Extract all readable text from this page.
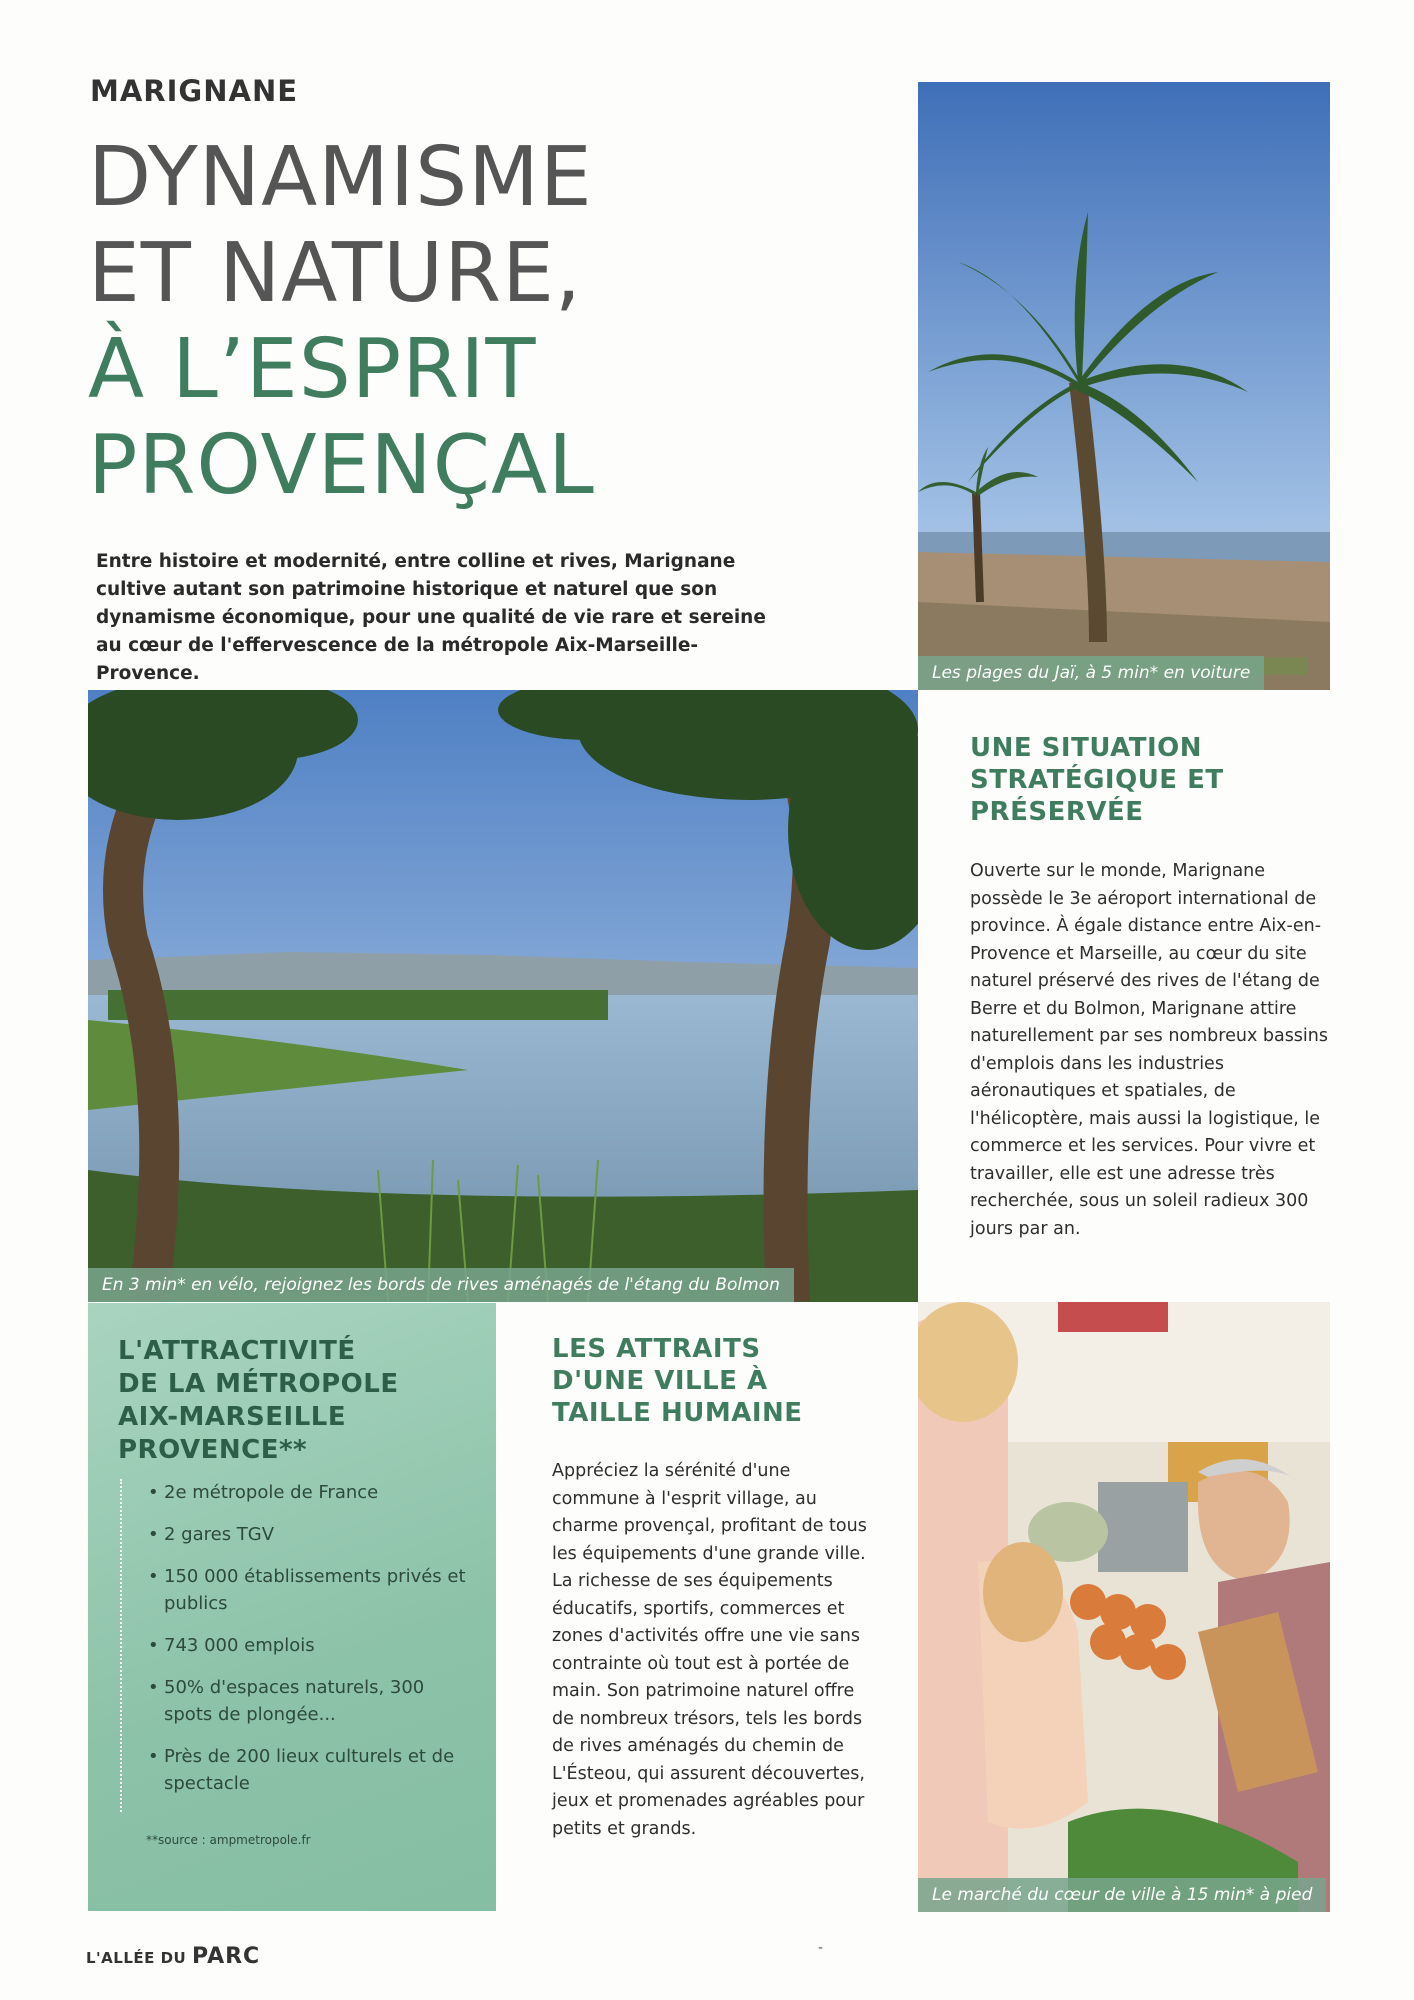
MARIGNANE
DYNAMISME
ET NATURE,
À L’ESPRIT
PROVENÇAL

Entre histoire et modernité, entre colline et rives, Marignane cultive autant son patrimoine historique et naturel que son dynamisme économique, pour une qualité de vie rare et sereine au cœur de l'effervescence de la métropole Aix-Marseille-Provence.	Les plages du Jaï, à 5 min* en voiture
En 3 min* en vélo, rejoignez les bords de rives aménagés de l'étang du Bolmon
UNE SITUATION
STRATÉGIQUE ET
PRÉSERVÉE

Ouverte sur le monde, Marignane possède le 3e aéroport international de province. À égale distance entre Aix-en-Provence et Marseille, au cœur du site naturel préservé des rives de l'étang de Berre et du Bolmon, Marignane attire naturellement par ses nombreux bassins d'emplois dans les industries aéronautiques et spatiales, de l'hélicoptère, mais aussi la logistique, le commerce et les services. Pour vivre et travailler, elle est une adresse très recherchée, sous un soleil radieux 300 jours par an.

L'ATTRACTIVITÉ
DE LA MÉTROPOLE
AIX-MARSEILLE
PROVENCE**
• 2e métropole de France
• 2 gares TGV
• 150 000 établissements privés et publics
• 743 000 emplois
• 50% d'espaces naturels, 300 spots de plongée...
• Près de 200 lieux culturels et de spectacle
**source : ampmetropole.fr
LES ATTRAITS
D'UNE VILLE À
TAILLE HUMAINE

Appréciez la sérénité d'une commune à l'esprit village, au charme provençal, profitant de tous les équipements d'une grande ville. La richesse de ses équipements éducatifs, sportifs, commerces et zones d'activités offre une vie sans contrainte où tout est à portée de main. Son patrimoine naturel offre de nombreux trésors, tels les bords de rives aménagés du chemin de L'Ésteou, qui assurent découvertes, jeux et promenades agréables pour petits et grands.

Le marché du cœur de ville à 15 min* à pied
L'ALLÉE DU PARC	-
